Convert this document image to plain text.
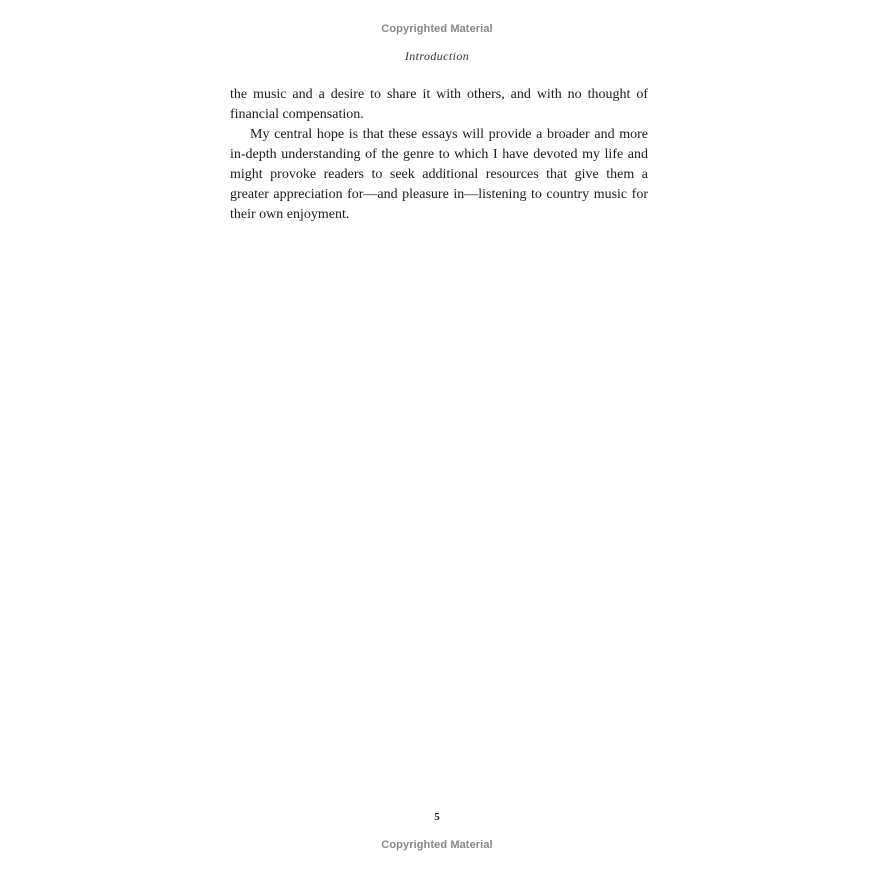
Copyrighted Material
Introduction

the music and a desire to share it with others, and with no thought of financial compensation.

My central hope is that these essays will provide a broader and more in-depth understanding of the genre to which I have devoted my life and might provoke readers to seek additional resources that give them a greater appreciation for—and pleasure in—listening to country music for their own enjoyment.

5
Copyrighted Material
